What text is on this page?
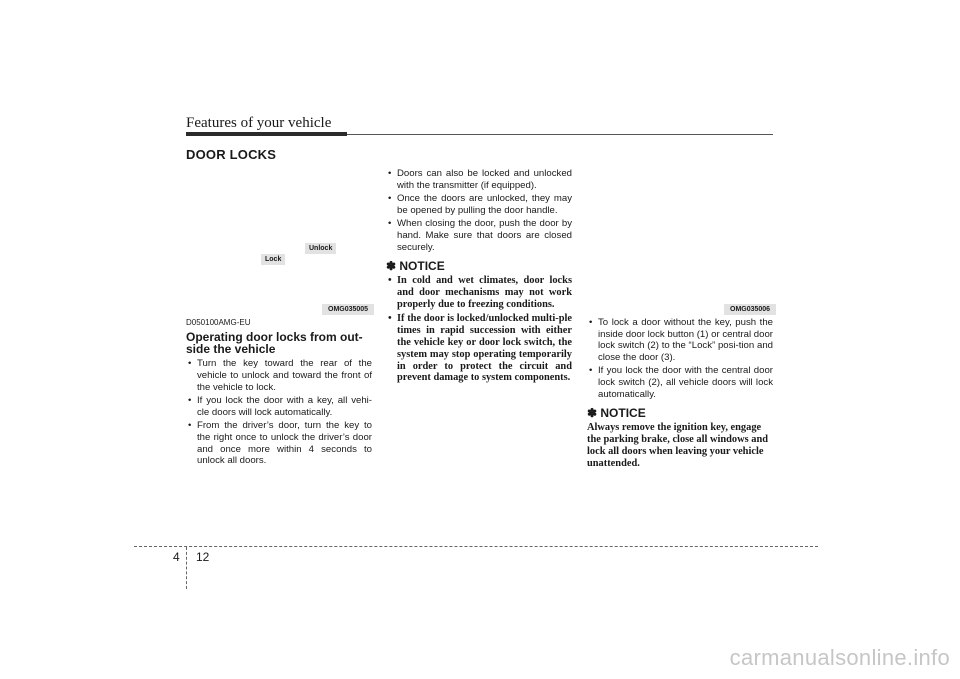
Features of your vehicle
DOOR LOCKS
Lock
Unlock
OMG035005	OMG035006
D050100AMG-EU
Operating door locks from out-side the vehicle
• Turn the key toward the rear of the vehicle to unlock and toward the front of the vehicle to lock.
• If you lock the door with a key, all vehi-cle doors will lock automatically.
• From the driver’s door, turn the key to the right once to unlock the driver’s door and once more within 4 seconds to unlock all doors.
• Doors can also be locked and unlocked with the transmitter (if equipped).
• Once the doors are unlocked, they may be opened by pulling the door handle.
• When closing the door, push the door by hand. Make sure that doors are closed securely.
✽ NOTICE
• In cold and wet climates, door locks and door mechanisms may not work properly due to freezing conditions.
• If the door is locked/unlocked multi-ple times in rapid succession with either the vehicle key or door lock switch, the system may stop operating temporarily in order to protect the circuit and prevent damage to system components.
• To lock a door without the key, push the inside door lock button (1) or central door lock switch (2) to the “Lock” posi-tion and close the door (3).
• If you lock the door with the central door lock switch (2), all vehicle doors will lock automatically.
✽ NOTICE

Always remove the ignition key, engage the parking brake, close all windows and lock all doors when leaving your vehicle unattended.

4 12
carmanualsonline.info
